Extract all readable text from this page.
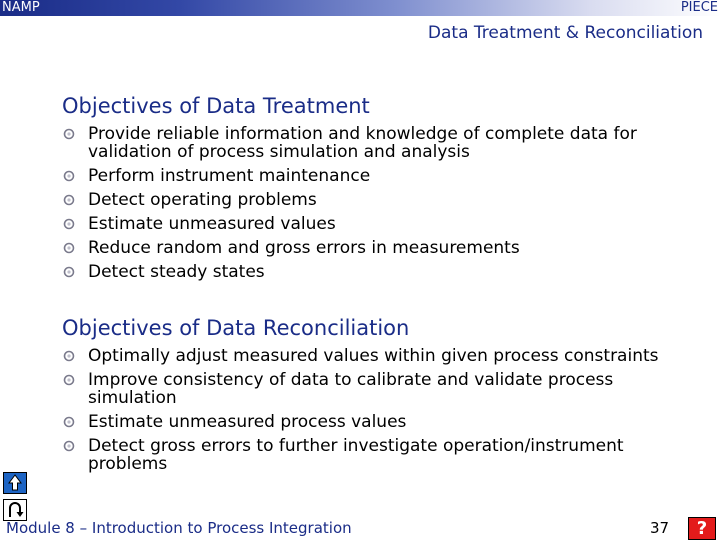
NAMP	PIECE
Data Treatment & Reconciliation
Objectives of Data Treatment
Provide reliable information and knowledge of complete data for validation of process simulation and analysis
Perform instrument maintenance
Detect operating problems
Estimate unmeasured values
Reduce random and gross errors in measurements
Detect steady states
Objectives of Data Reconciliation
Optimally adjust measured values within given process constraints
Improve consistency of data to calibrate and validate process simulation
Estimate unmeasured process values
Detect gross errors to further investigate operation/instrument problems
Module 8 – Introduction to Process Integration	37	?
